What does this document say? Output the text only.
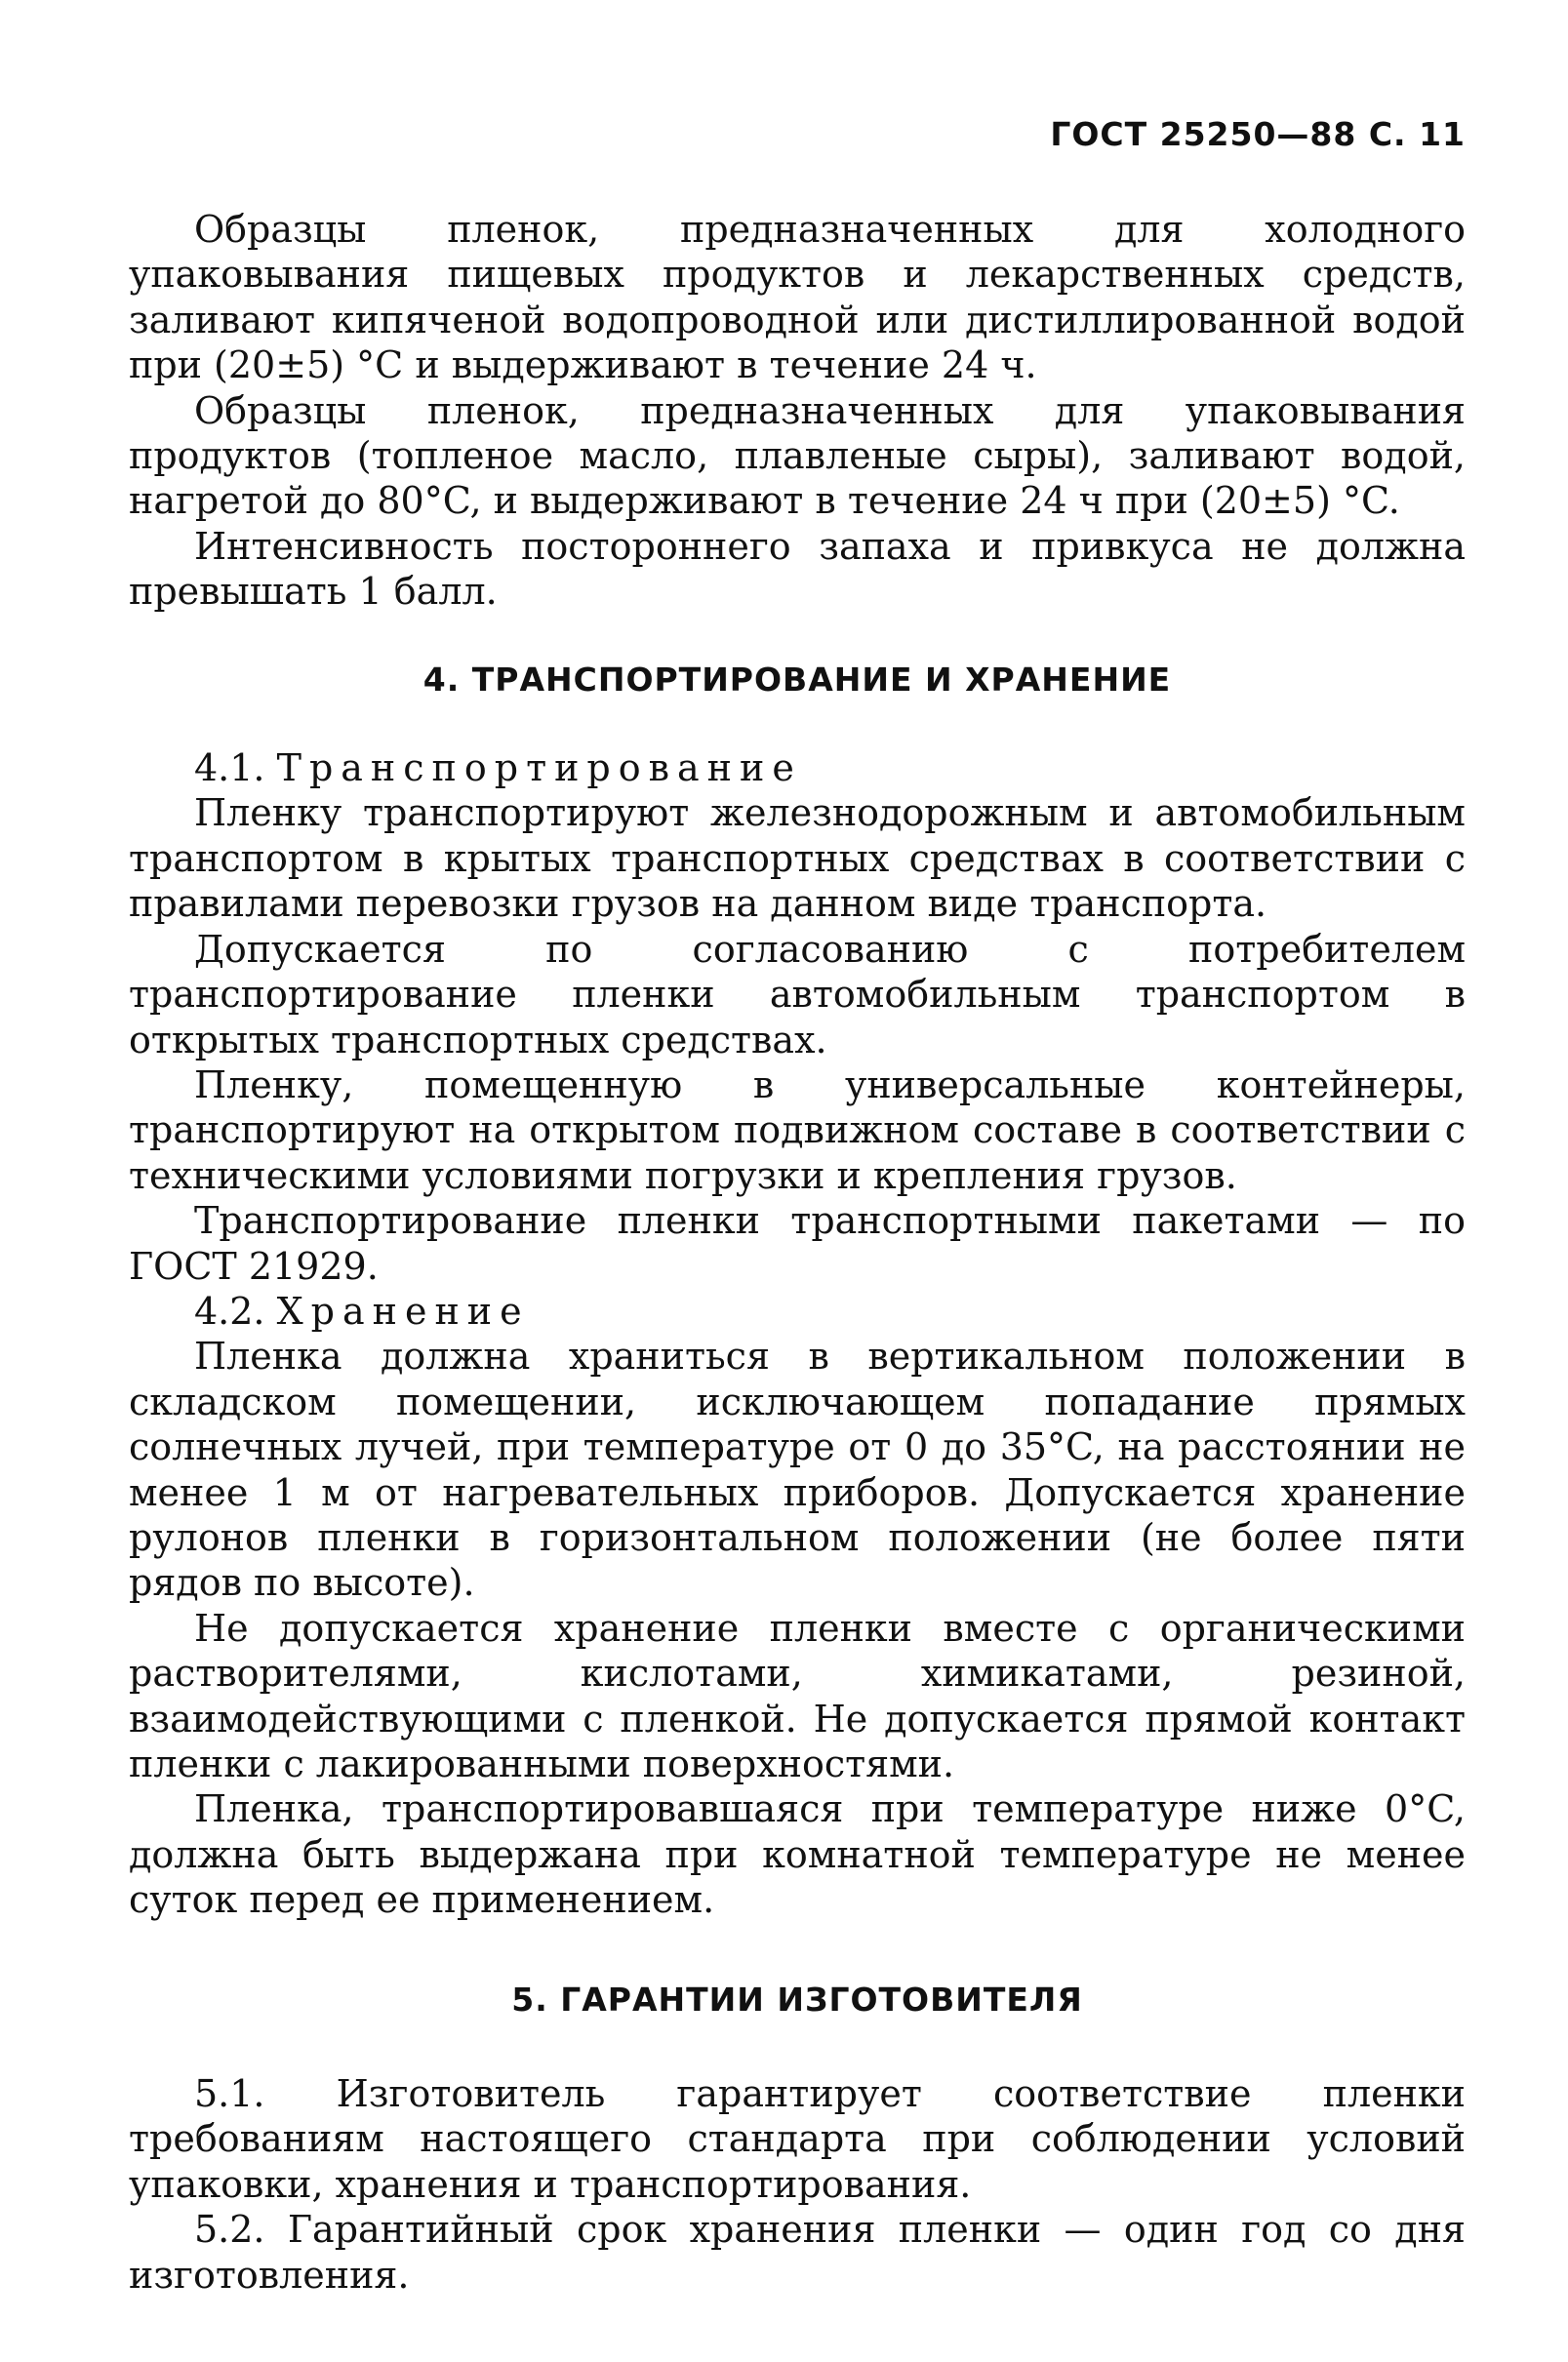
ГОСТ 25250—88 С. 11

Образцы пленок, предназначенных для холодного упаковывания пищевых продуктов и лекарственных средств, заливают кипяченой водопроводной или дистиллированной водой при (20±5) °C и выдерживают в течение 24 ч.

Образцы пленок, предназначенных для упаковывания продуктов (топленое масло, плавленые сыры), заливают водой, нагретой до 80°C, и выдерживают в течение 24 ч при (20±5) °C.

Интенсивность постороннего запаха и привкуса не должна превышать 1 балл.

4. ТРАНСПОРТИРОВАНИЕ И ХРАНЕНИЕ

4.1. Транспортирование

Пленку транспортируют железнодорожным и автомобильным транспортом в крытых транспортных средствах в соответствии с правилами перевозки грузов на данном виде транспорта.

Допускается по согласованию с потребителем транспортирование пленки автомобильным транспортом в открытых транспортных средствах.

Пленку, помещенную в универсальные контейнеры, транспортируют на открытом подвижном составе в соответствии с техническими условиями погрузки и крепления грузов.

Транспортирование пленки транспортными пакетами — по ГОСТ 21929.

4.2. Хранение

Пленка должна храниться в вертикальном положении в складском помещении, исключающем попадание прямых солнечных лучей, при температуре от 0 до 35°C, на расстоянии не менее 1 м от нагревательных приборов. Допускается хранение рулонов пленки в горизонтальном положении (не более пяти рядов по высоте).

Не допускается хранение пленки вместе с органическими растворителями, кислотами, химикатами, резиной, взаимодействующими с пленкой. Не допускается прямой контакт пленки с лакированными поверхностями.

Пленка, транспортировавшаяся при температуре ниже 0°C, должна быть выдержана при комнатной температуре не менее суток перед ее применением.

5. ГАРАНТИИ ИЗГОТОВИТЕЛЯ

5.1. Изготовитель гарантирует соответствие пленки требованиям настоящего стандарта при соблюдении условий упаковки, хранения и транспортирования.

5.2. Гарантийный срок хранения пленки — один год со дня изготовления.
